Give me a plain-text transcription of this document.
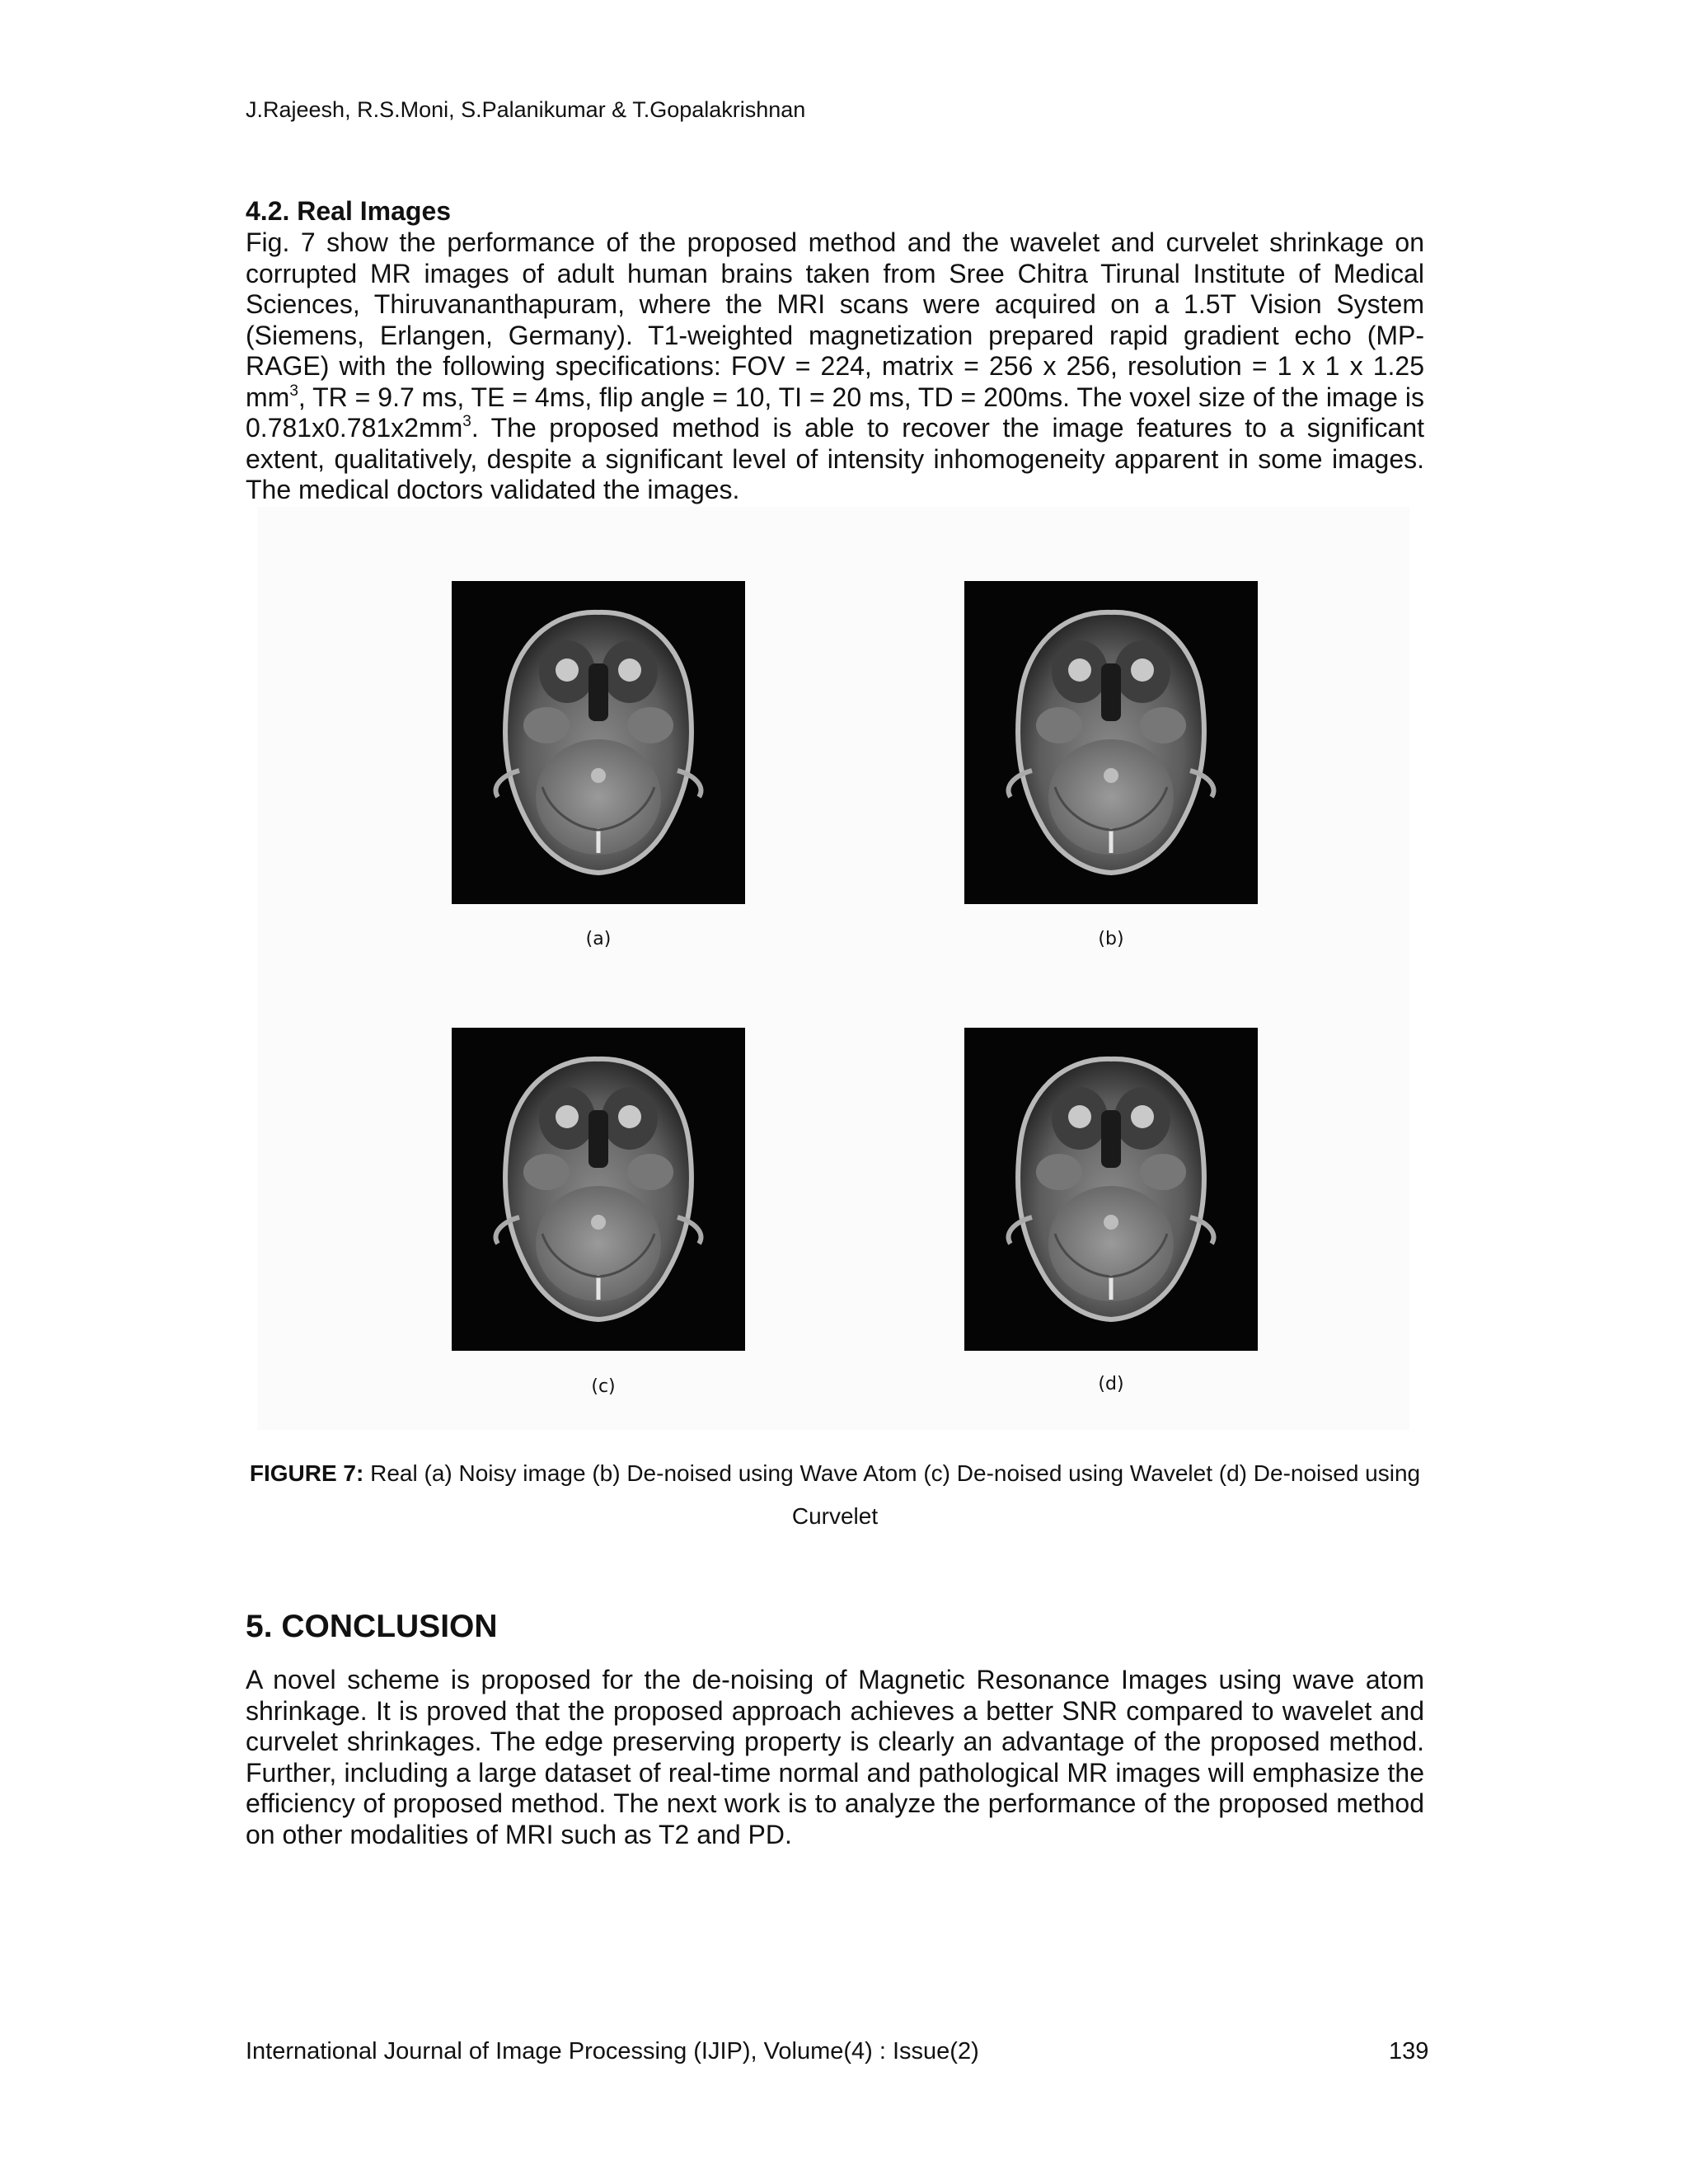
J.Rajeesh, R.S.Moni, S.Palanikumar & T.Gopalakrishnan
4.2. Real Images
Fig. 7 show the performance of the proposed method and the wavelet and curvelet shrinkage on corrupted MR images of adult human brains taken from Sree Chitra Tirunal Institute of Medical Sciences, Thiruvananthapuram, where the MRI scans were acquired on a 1.5T Vision System (Siemens, Erlangen, Germany). T1-weighted magnetization prepared rapid gradient echo (MP-RAGE) with the following specifications: FOV = 224, matrix = 256 x 256, resolution = 1 x 1 x 1.25 $mm^3$, TR = 9.7 ms, TE = 4ms, flip angle = 10, TI = 20 ms, TD = 200ms. The voxel size of the image is $0.781x0.781x2mm^3$. The proposed method is able to recover the image features to a significant extent, qualitatively, despite a significant level of intensity inhomogeneity apparent in some images. The medical doctors validated the images.
(a)	(b)
(c)	(d)
FIGURE 7: Real (a) Noisy image (b) De-noised using Wave Atom (c) De-noised using Wavelet (d) De-noised using Curvelet
5. CONCLUSION
A novel scheme is proposed for the de-noising of Magnetic Resonance Images using wave atom shrinkage. It is proved that the proposed approach achieves a better SNR compared to wavelet and curvelet shrinkages. The edge preserving property is clearly an advantage of the proposed method. Further, including a large dataset of real-time normal and pathological MR images will emphasize the efficiency of proposed method. The next work is to analyze the performance of the proposed method on other modalities of MRI such as T2 and PD.
International Journal of Image Processing (IJIP), Volume(4) : Issue(2)	139
